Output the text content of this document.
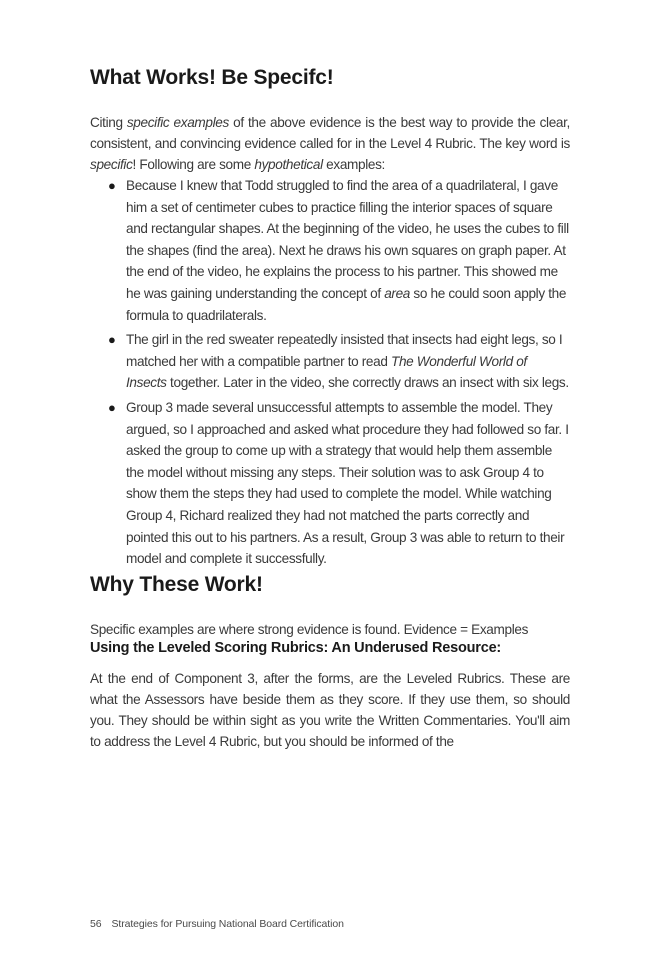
What Works! Be Specifc!

Citing specific examples of the above evidence is the best way to provide the clear, consistent, and convincing evidence called for in the Level 4 Rubric. The key word is specific! Following are some hypothetical examples:

● Because I knew that Todd struggled to find the area of a quadrilateral, I gave him a set of centimeter cubes to practice filling the interior spaces of square and rectangular shapes. At the beginning of the video, he uses the cubes to fill the shapes (find the area). Next he draws his own squares on graph paper. At the end of the video, he explains the process to his partner. This showed me he was gaining understanding the concept of area so he could soon apply the formula to quadrilaterals.
● The girl in the red sweater repeatedly insisted that insects had eight legs, so I matched her with a compatible partner to read The Wonderful World of Insects together. Later in the video, she correctly draws an insect with six legs.
● Group 3 made several unsuccessful attempts to assemble the model. They argued, so I approached and asked what procedure they had followed so far. I asked the group to come up with a strategy that would help them assemble the model without missing any steps. Their solution was to ask Group 4 to show them the steps they had used to complete the model. While watching Group 4, Richard realized they had not matched the parts correctly and pointed this out to his partners. As a result, Group 3 was able to return to their model and complete it successfully.
Why These Work!

Specific examples are where strong evidence is found. Evidence = Examples

Using the Leveled Scoring Rubrics: An Underused Resource:

At the end of Component 3, after the forms, are the Leveled Rubrics. These are what the Assessors have beside them as they score. If they use them, so should you. They should be within sight as you write the Written Commentaries. You'll aim to address the Level 4 Rubric, but you should be informed of the

56 Strategies for Pursuing National Board Certification
